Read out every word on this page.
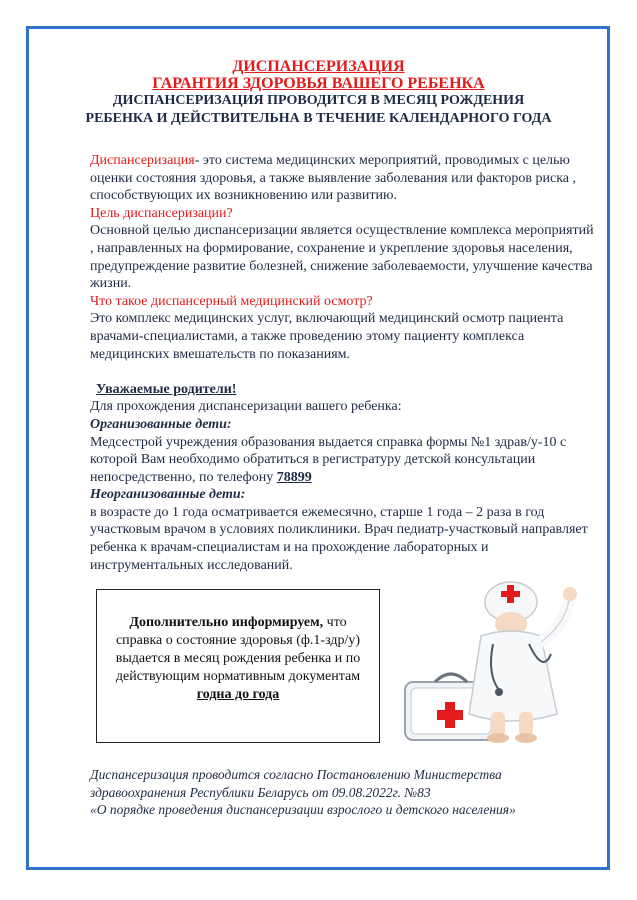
ДИСПАНСЕРИЗАЦИЯ

ГАРАНТИЯ ЗДОРОВЬЯ ВАШЕГО РЕБЕНКА

ДИСПАНСЕРИЗАЦИЯ ПРОВОДИТСЯ В МЕСЯЦ РОЖДЕНИЯ

РЕБЕНКА И ДЕЙСТВИТЕЛЬНА В ТЕЧЕНИЕ КАЛЕНДАРНОГО ГОДА

Диспансеризация- это система медицинских мероприятий, проводимых с целью оценки состояния здоровья, а также выявление заболевания или факторов риска , способствующих их возникновению или развитию.

Цель диспансеризации?

Основной целью диспансеризации является осуществление комплекса мероприятий , направленных на формирование, сохранение и укрепление здоровья населения, предупреждение развитие болезней, снижение заболеваемости, улучшение качества жизни.

Что такое диспансерный медицинский осмотр?

Это комплекс медицинских услуг, включающий медицинский осмотр пациента врачами-специалистами, а также проведению этому пациенту комплекса медицинских вмешательств по показаниям.

Уважаемые родители!

Для прохождения диспансеризации вашего ребенка:

Организованные дети:

Медсестрой учреждения образования выдается справка формы №1 здрав/у-10 с которой Вам необходимо обратиться в регистратуру детской консультации непосредственно, по телефону 78899

Неорганизованные дети:

в возрасте до 1 года осматривается ежемесячно, старше 1 года – 2 раза в год участковым врачом в условиях поликлиники. Врач педиатр-участковый направляет ребенка к врачам-специалистам и на прохождение лабораторных и инструментальных исследований.

Дополнительно информируем, что справка о состояние здоровья (ф.1-здр/у) выдается в месяц рождения ребенка и по действующим нормативным документам годна до года

Диспансеризация проводится согласно Постановлению Министерства

здравоохранения Республики Беларусь от 09.08.2022г. №83

«О порядке проведения диспансеризации взрослого и детского населения»
